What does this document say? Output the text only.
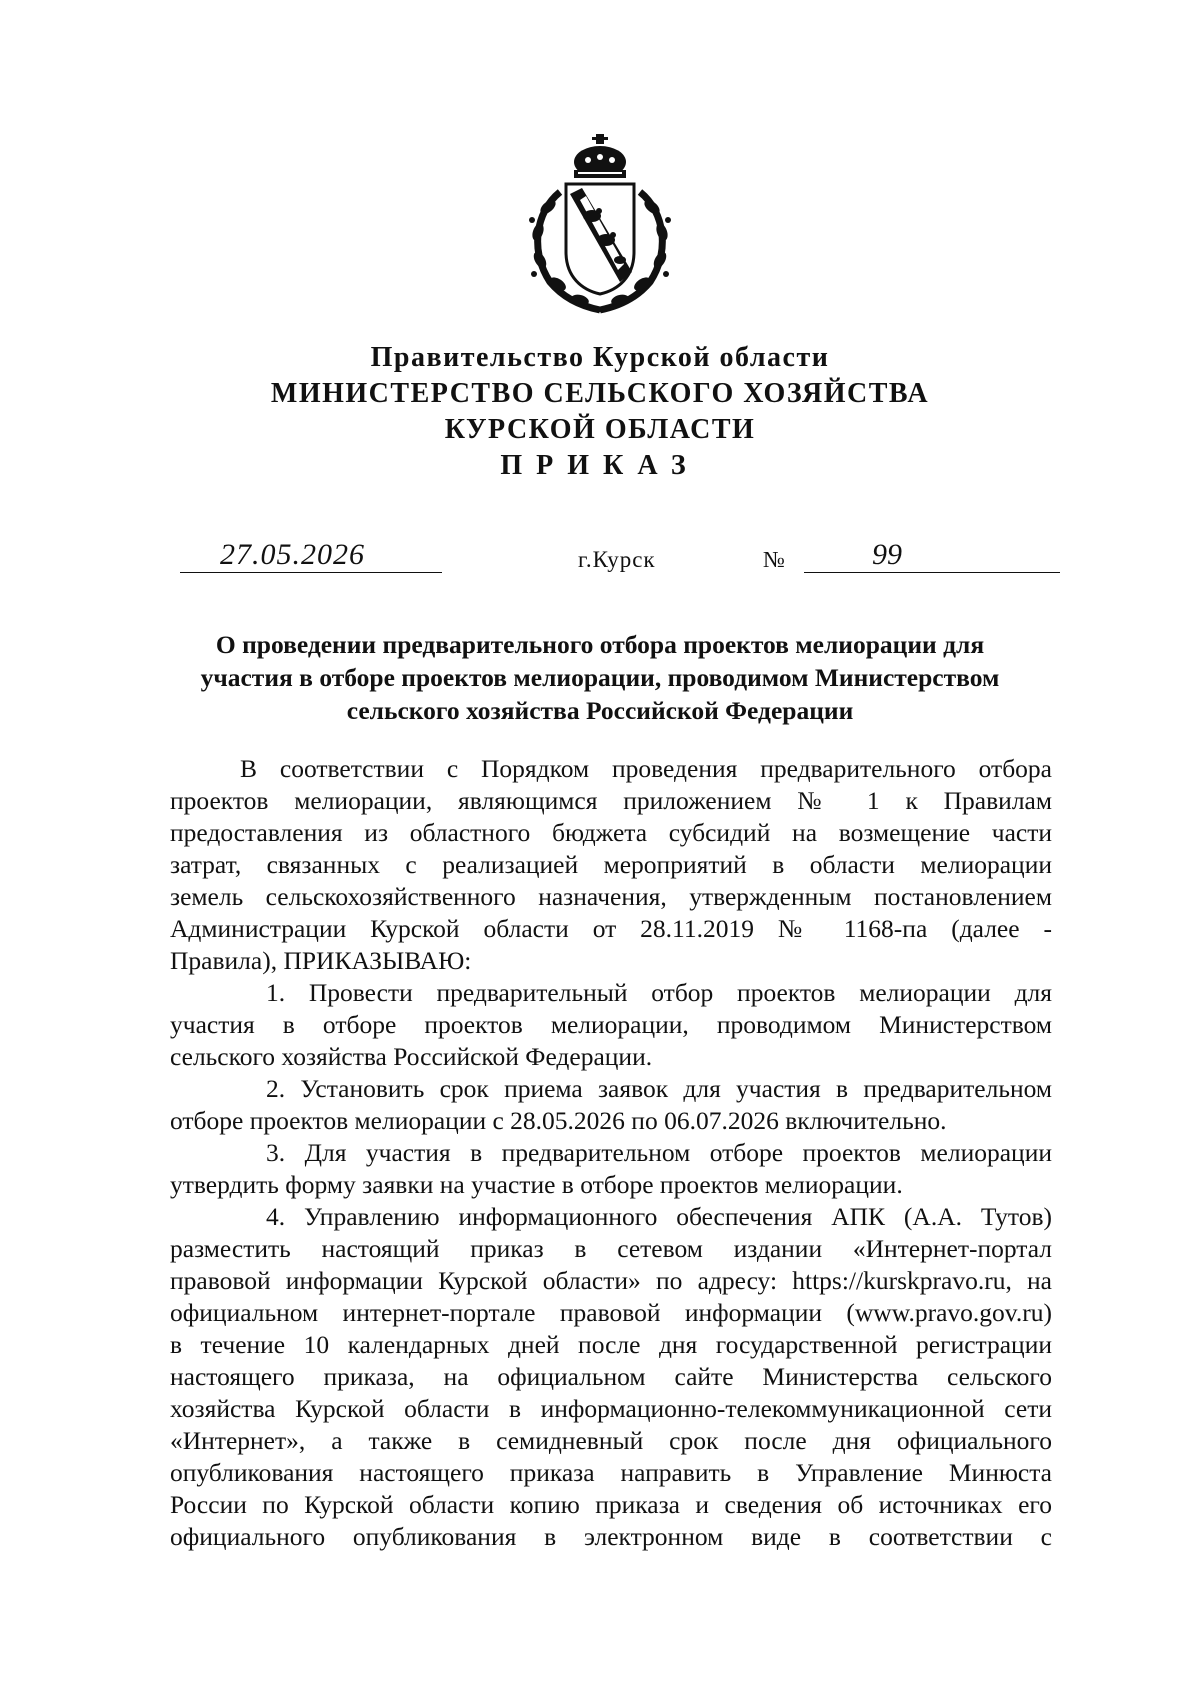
Правительство Курской области
МИНИСТЕРСТВО СЕЛЬСКОГО ХОЗЯЙСТВА
КУРСКОЙ ОБЛАСТИ
ПРИКАЗ
27.05.2026	г.Курск	№	99
О проведении предварительного отбора проектов мелиорации для
участия в отборе проектов мелиорации, проводимом Министерством
сельского хозяйства Российской Федерации
В соответствии с Порядком проведения предварительного отбора
проектов мелиорации, являющимся приложением № 1 к Правилам
предоставления из областного бюджета субсидий на возмещение части
затрат, связанных с реализацией мероприятий в области мелиорации
земель сельскохозяйственного назначения, утвержденным постановлением
Администрации Курской области от 28.11.2019 № 1168-па (далее -
Правила), ПРИКАЗЫВАЮ:
1. Провести предварительный отбор проектов мелиорации для
участия в отборе проектов мелиорации, проводимом Министерством
сельского хозяйства Российской Федерации.
2. Установить срок приема заявок для участия в предварительном
отборе проектов мелиорации с 28.05.2026 по 06.07.2026 включительно.
3. Для участия в предварительном отборе проектов мелиорации
утвердить форму заявки на участие в отборе проектов мелиорации.
4. Управлению информационного обеспечения АПК (А.А. Тутов)
разместить настоящий приказ в сетевом издании «Интернет-портал
правовой информации Курской области» по адресу: https://kurskpravo.ru, на
официальном интернет-портале правовой информации (www.pravo.gov.ru)
в течение 10 календарных дней после дня государственной регистрации
настоящего приказа, на официальном сайте Министерства сельского
хозяйства Курской области в информационно-телекоммуникационной сети
«Интернет», а также в семидневный срок после дня официального
опубликования настоящего приказа направить в Управление Минюста
России по Курской области копию приказа и сведения об источниках его
официального опубликования в электронном виде в соответствии с
